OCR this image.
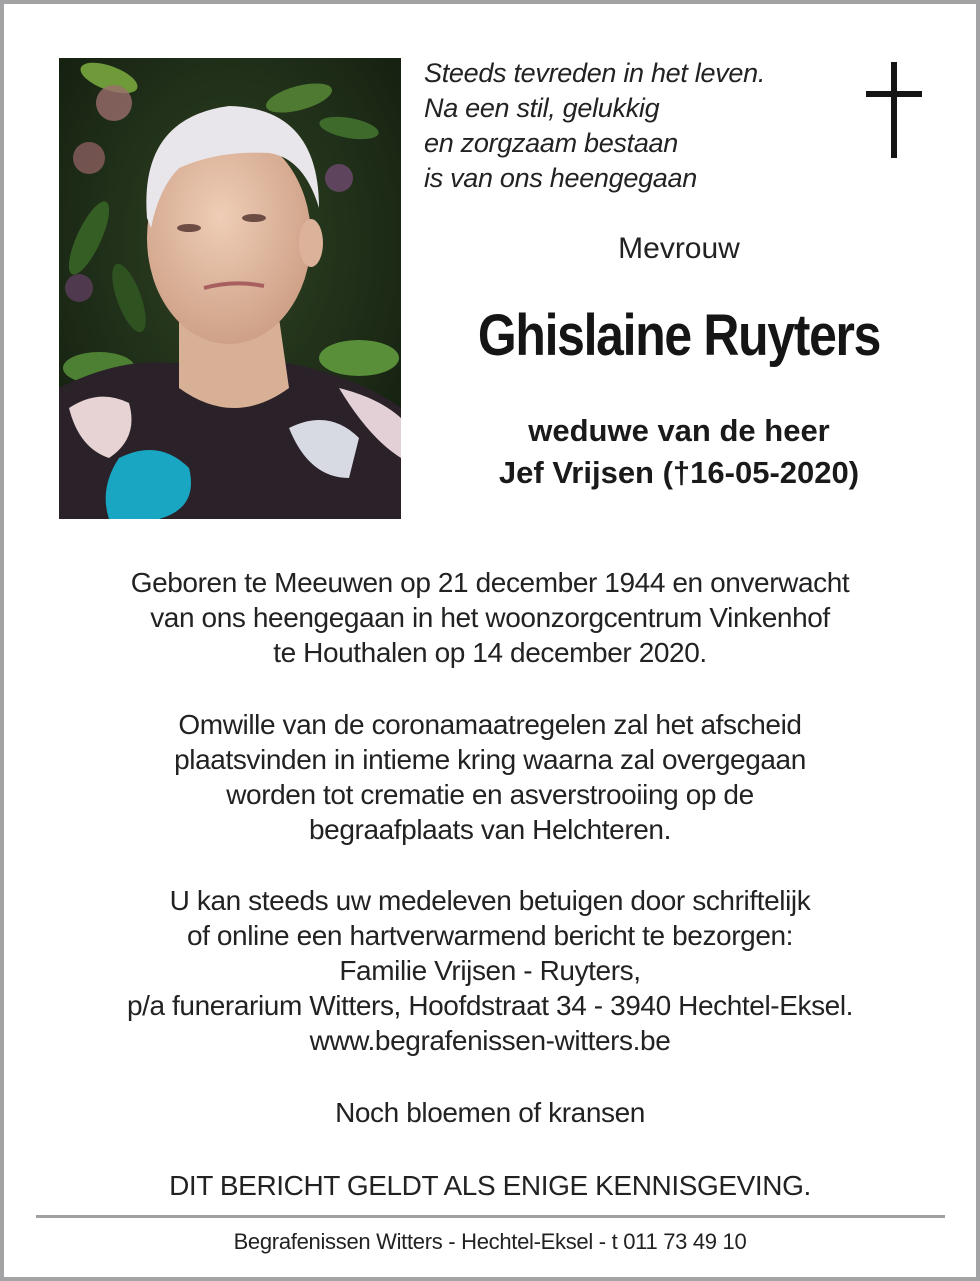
Steeds tevreden in het leven.
Na een stil, gelukkig
en zorgzaam bestaan
is van ons heengegaan
Mevrouw
Ghislaine Ruyters
weduwe van de heer
Jef Vrijsen (†16-05-2020)
Geboren te Meeuwen op 21 december 1944 en onverwacht
van ons heengegaan in het woonzorgcentrum Vinkenhof
te Houthalen op 14 december 2020.
Omwille van de coronamaatregelen zal het afscheid
plaatsvinden in intieme kring waarna zal overgegaan
worden tot crematie en asverstrooiing op de
begraafplaats van Helchteren.
U kan steeds uw medeleven betuigen door schriftelijk
of online een hartverwarmend bericht te bezorgen:
Familie Vrijsen - Ruyters,
p/a funerarium Witters, Hoofdstraat 34 - 3940 Hechtel-Eksel.
www.begrafenissen-witters.be
Noch bloemen of kransen
DIT BERICHT GELDT ALS ENIGE KENNISGEVING.
Begrafenissen Witters - Hechtel-Eksel - t 011 73 49 10
